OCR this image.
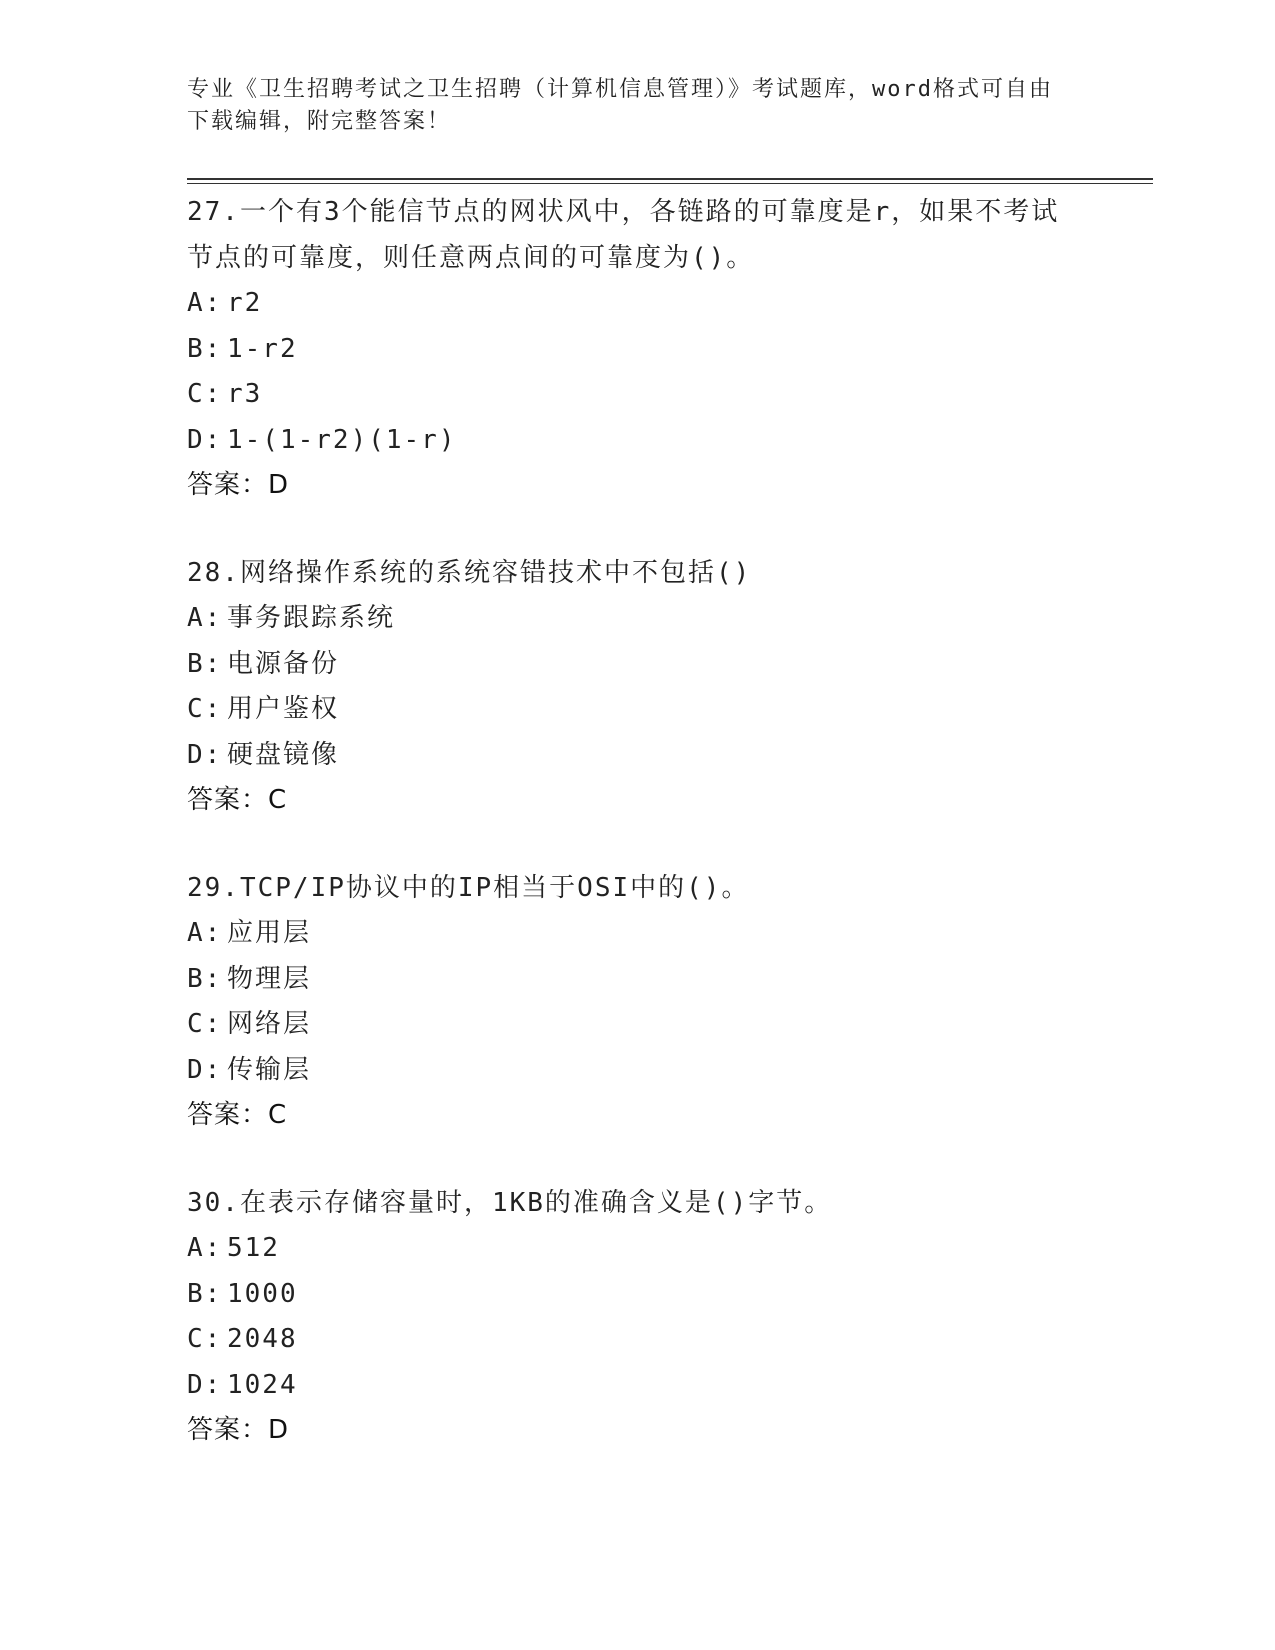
专业《卫生招聘考试之卫生招聘（计算机信息管理）》考试题库，word格式可自由下载编辑，附完整答案！

27.一个有3个能信节点的网状风中，各链路的可靠度是r，如果不考试节点的可靠度，则任意两点间的可靠度为()。

A: r2

B: 1-r2

C: r3

D: 1-(1-r2)(1-r)

答案：D

28.网络操作系统的系统容错技术中不包括()

A: 事务跟踪系统

B: 电源备份

C: 用户鉴权

D: 硬盘镜像

答案：C

29.TCP/IP协议中的IP相当于OSI中的()。

A: 应用层

B: 物理层

C: 网络层

D: 传输层

答案：C

30.在表示存储容量时，1KB的准确含义是()字节。

A: 512

B: 1000

C: 2048

D: 1024

答案：D
